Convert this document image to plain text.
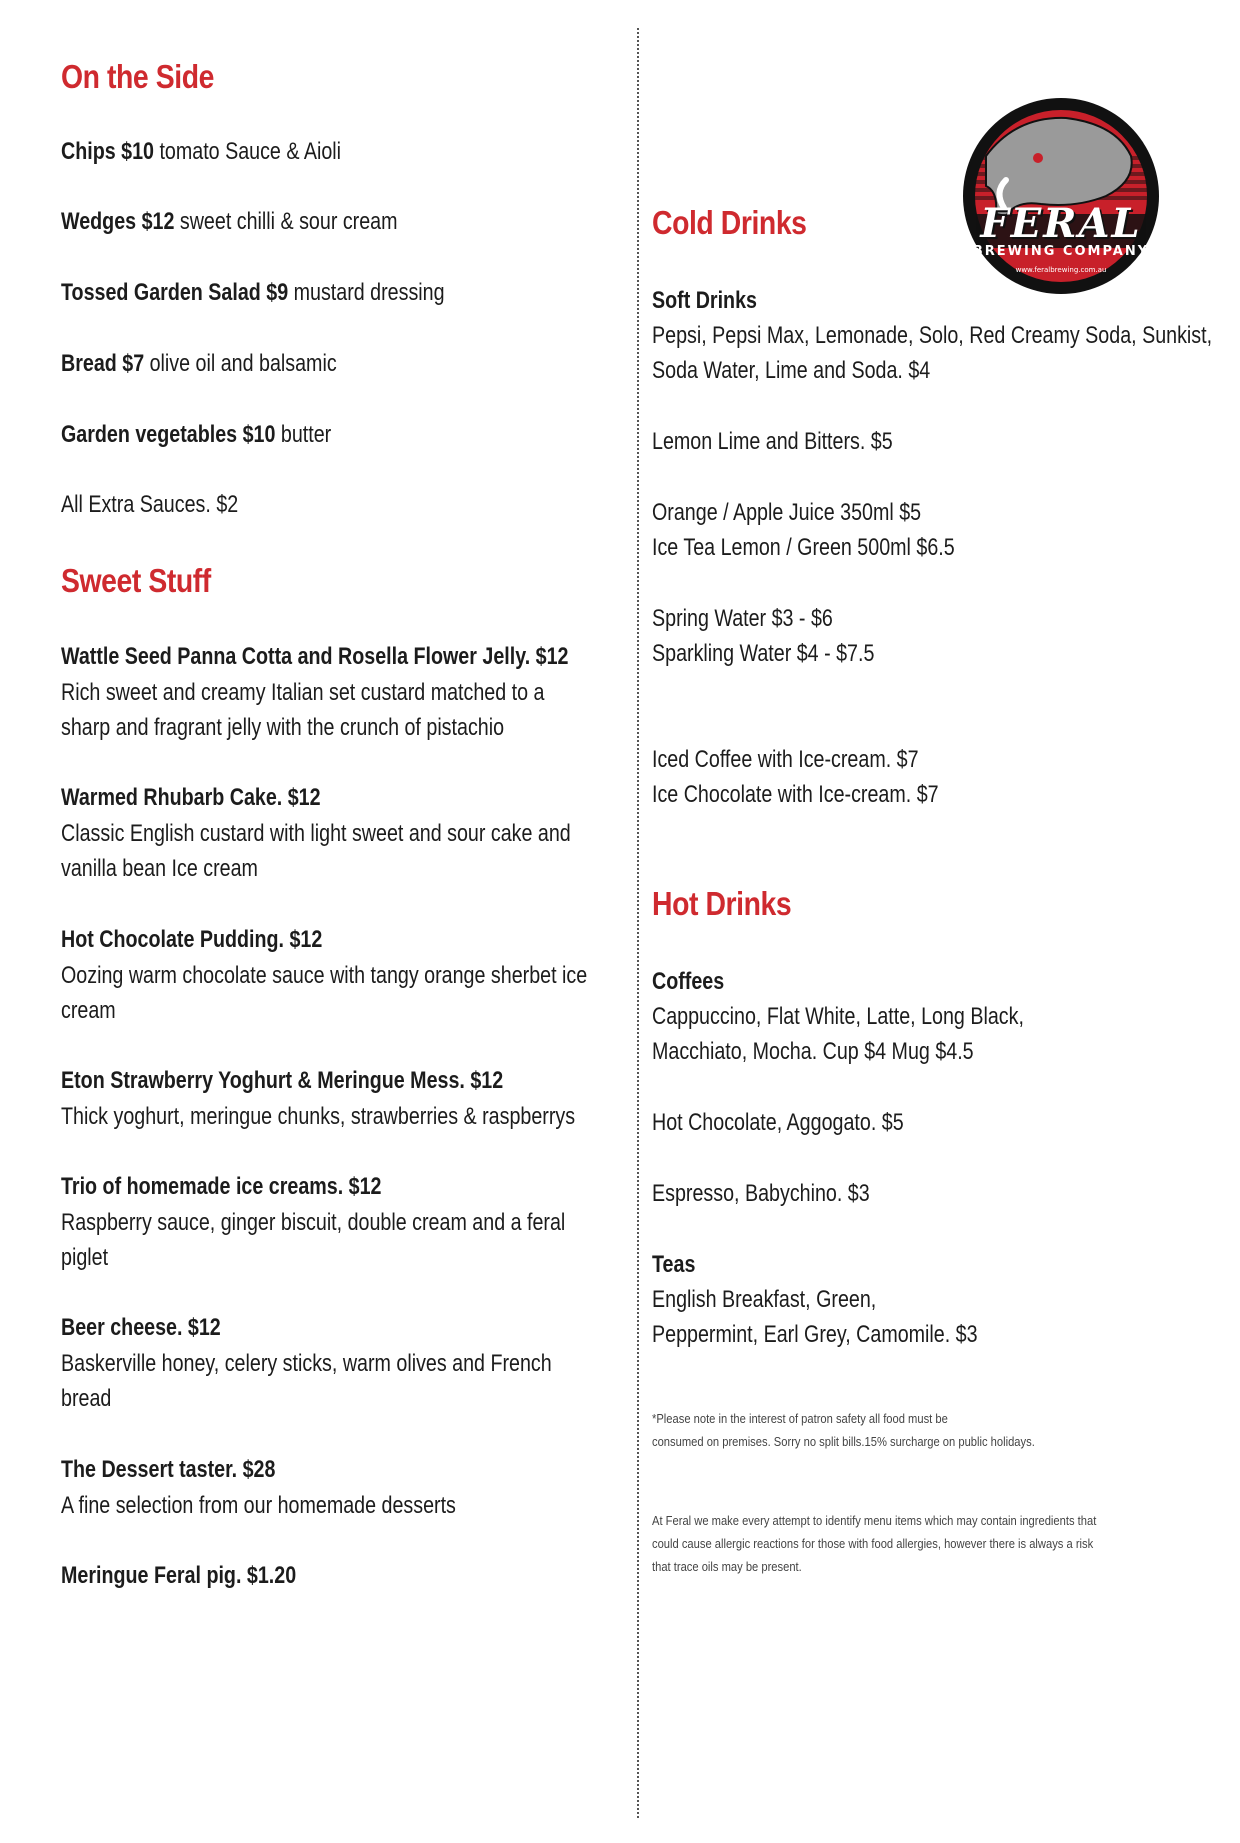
On the Side
Chips $10 tomato Sauce & Aioli
Wedges $12 sweet chilli & sour cream
Tossed Garden Salad $9 mustard dressing
Bread $7 olive oil and balsamic
Garden vegetables $10 butter
All Extra Sauces. $2
Sweet Stuff
Wattle Seed Panna Cotta and Rosella Flower Jelly. $12
Rich sweet and creamy Italian set custard matched to a
sharp and fragrant jelly with the crunch of pistachio
Warmed Rhubarb Cake. $12
Classic English custard with light sweet and sour cake and
vanilla bean Ice cream
Hot Chocolate Pudding. $12
Oozing warm chocolate sauce with tangy orange sherbet ice
cream
Eton Strawberry Yoghurt & Meringue Mess. $12
Thick yoghurt, meringue chunks, strawberries & raspberrys
Trio of homemade ice creams. $12
Raspberry sauce, ginger biscuit, double cream and a feral
piglet
Beer cheese. $12
Baskerville honey, celery sticks, warm olives and French
bread
The Dessert taster. $28
A fine selection from our homemade desserts
Meringue Feral pig. $1.20
FERAL
BREWING COMPANY
www.feralbrewing.com.au
Cold Drinks
Soft Drinks
Pepsi, Pepsi Max, Lemonade, Solo, Red Creamy Soda, Sunkist,
Soda Water, Lime and Soda. $4
Lemon Lime and Bitters. $5
Orange / Apple Juice 350ml $5
Ice Tea Lemon / Green 500ml $6.5
Spring Water $3 - $6
Sparkling Water $4 - $7.5
Iced Coffee with Ice-cream. $7
Ice Chocolate with Ice-cream. $7
Hot Drinks
Coffees
Cappuccino, Flat White, Latte, Long Black,
Macchiato, Mocha. Cup $4 Mug $4.5
Hot Chocolate, Aggogato. $5
Espresso, Babychino. $3
Teas
English Breakfast, Green,
Peppermint, Earl Grey, Camomile. $3
*Please note in the interest of patron safety all food must be
consumed on premises. Sorry no split bills.15% surcharge on public holidays.
At Feral we make every attempt to identify menu items which may contain ingredients that
could cause allergic reactions for those with food allergies, however there is always a risk
that trace oils may be present.
